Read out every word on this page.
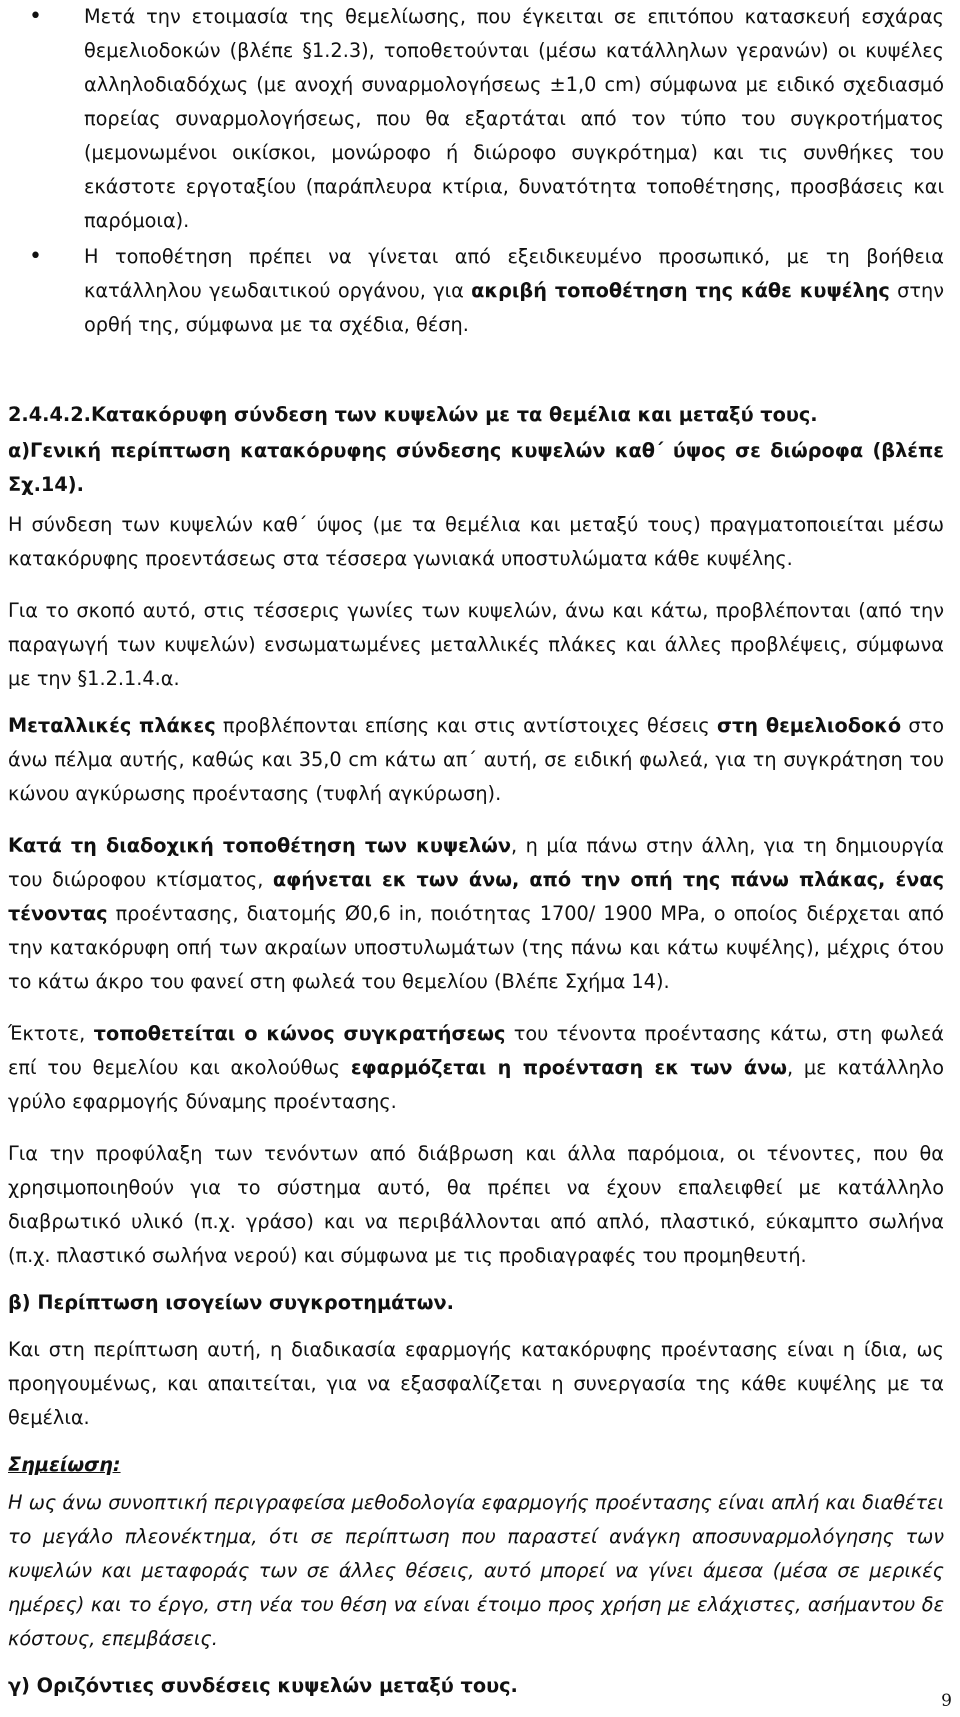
• Μετά την ετοιμασία της θεμελίωσης, που έγκειται σε επιτόπου κατασκευή εσχάρας θεμελιοδοκών (βλέπε §1.2.3), τοποθετούνται (μέσω κατάλληλων γερανών) οι κυψέλες αλληλοδιαδόχως (με ανοχή συναρμολογήσεως ±1,0 cm) σύμφωνα με ειδικό σχεδιασμό πορείας συναρμολογήσεως, που θα εξαρτάται από τον τύπο του συγκροτήματος (μεμονωμένοι οικίσκοι, μονώροφο ή διώροφο συγκρότημα) και τις συνθήκες του εκάστοτε εργοταξίου (παράπλευρα κτίρια, δυνατότητα τοποθέτησης, προσβάσεις και παρόμοια).
• Η τοποθέτηση πρέπει να γίνεται από εξειδικευμένο προσωπικό, με τη βοήθεια κατάλληλου γεωδαιτικού οργάνου, για ακριβή τοποθέτηση της κάθε κυψέλης στην ορθή της, σύμφωνα με τα σχέδια, θέση.

2.4.4.2.Κατακόρυφη σύνδεση των κυψελών με τα θεμέλια και μεταξύ τους.

α)Γενική περίπτωση κατακόρυφης σύνδεσης κυψελών καθ΄ ύψος σε διώροφα (βλέπε Σχ.14).

Η σύνδεση των κυψελών καθ΄ ύψος (με τα θεμέλια και μεταξύ τους) πραγματοποιείται μέσω κατακόρυφης προεντάσεως στα τέσσερα γωνιακά υποστυλώματα κάθε κυψέλης.

Για το σκοπό αυτό, στις τέσσερις γωνίες των κυψελών, άνω και κάτω, προβλέπονται (από την παραγωγή των κυψελών) ενσωματωμένες μεταλλικές πλάκες και άλλες προβλέψεις, σύμφωνα με την §1.2.1.4.α.

Μεταλλικές πλάκες προβλέπονται επίσης και στις αντίστοιχες θέσεις στη θεμελιοδοκό στο άνω πέλμα αυτής, καθώς και 35,0 cm κάτω απ΄ αυτή, σε ειδική φωλεά, για τη συγκράτηση του κώνου αγκύρωσης προέντασης (τυφλή αγκύρωση).

Κατά τη διαδοχική τοποθέτηση των κυψελών, η μία πάνω στην άλλη, για τη δημιουργία του διώροφου κτίσματος, αφήνεται εκ των άνω, από την οπή της πάνω πλάκας, ένας τένοντας προέντασης, διατομής Ø0,6 in, ποιότητας 1700/ 1900 MPa, ο οποίος διέρχεται από την κατακόρυφη οπή των ακραίων υποστυλωμάτων (της πάνω και κάτω κυψέλης), μέχρις ότου το κάτω άκρο του φανεί στη φωλεά του θεμελίου (Βλέπε Σχήμα 14).

Έκτοτε, τοποθετείται ο κώνος συγκρατήσεως του τένοντα προέντασης κάτω, στη φωλεά επί του θεμελίου και ακολούθως εφαρμόζεται η προένταση εκ των άνω, με κατάλληλο γρύλο εφαρμογής δύναμης προέντασης.

Για την προφύλαξη των τενόντων από διάβρωση και άλλα παρόμοια, οι τένοντες, που θα χρησιμοποιηθούν για το σύστημα αυτό, θα πρέπει να έχουν επαλειφθεί με κατάλληλο διαβρωτικό υλικό (π.χ. γράσο) και να περιβάλλονται από απλό, πλαστικό, εύκαμπτο σωλήνα (π.χ. πλαστικό σωλήνα νερού) και σύμφωνα με τις προδιαγραφές του προμηθευτή.

β) Περίπτωση ισογείων συγκροτημάτων.

Και στη περίπτωση αυτή, η διαδικασία εφαρμογής κατακόρυφης προέντασης είναι η ίδια, ως προηγουμένως, και απαιτείται, για να εξασφαλίζεται η συνεργασία της κάθε κυψέλης με τα θεμέλια.

Σημείωση:

Η ως άνω συνοπτική περιγραφείσα μεθοδολογία εφαρμογής προέντασης είναι απλή και διαθέτει το μεγάλο πλεονέκτημα, ότι σε περίπτωση που παραστεί ανάγκη αποσυναρμολόγησης των κυψελών και μεταφοράς των σε άλλες θέσεις, αυτό μπορεί να γίνει άμεσα (μέσα σε μερικές ημέρες) και το έργο, στη νέα του θέση να είναι έτοιμο προς χρήση με ελάχιστες, ασήμαντου δε κόστους, επεμβάσεις.

γ) Οριζόντιες συνδέσεις κυψελών μεταξύ τους.

9
